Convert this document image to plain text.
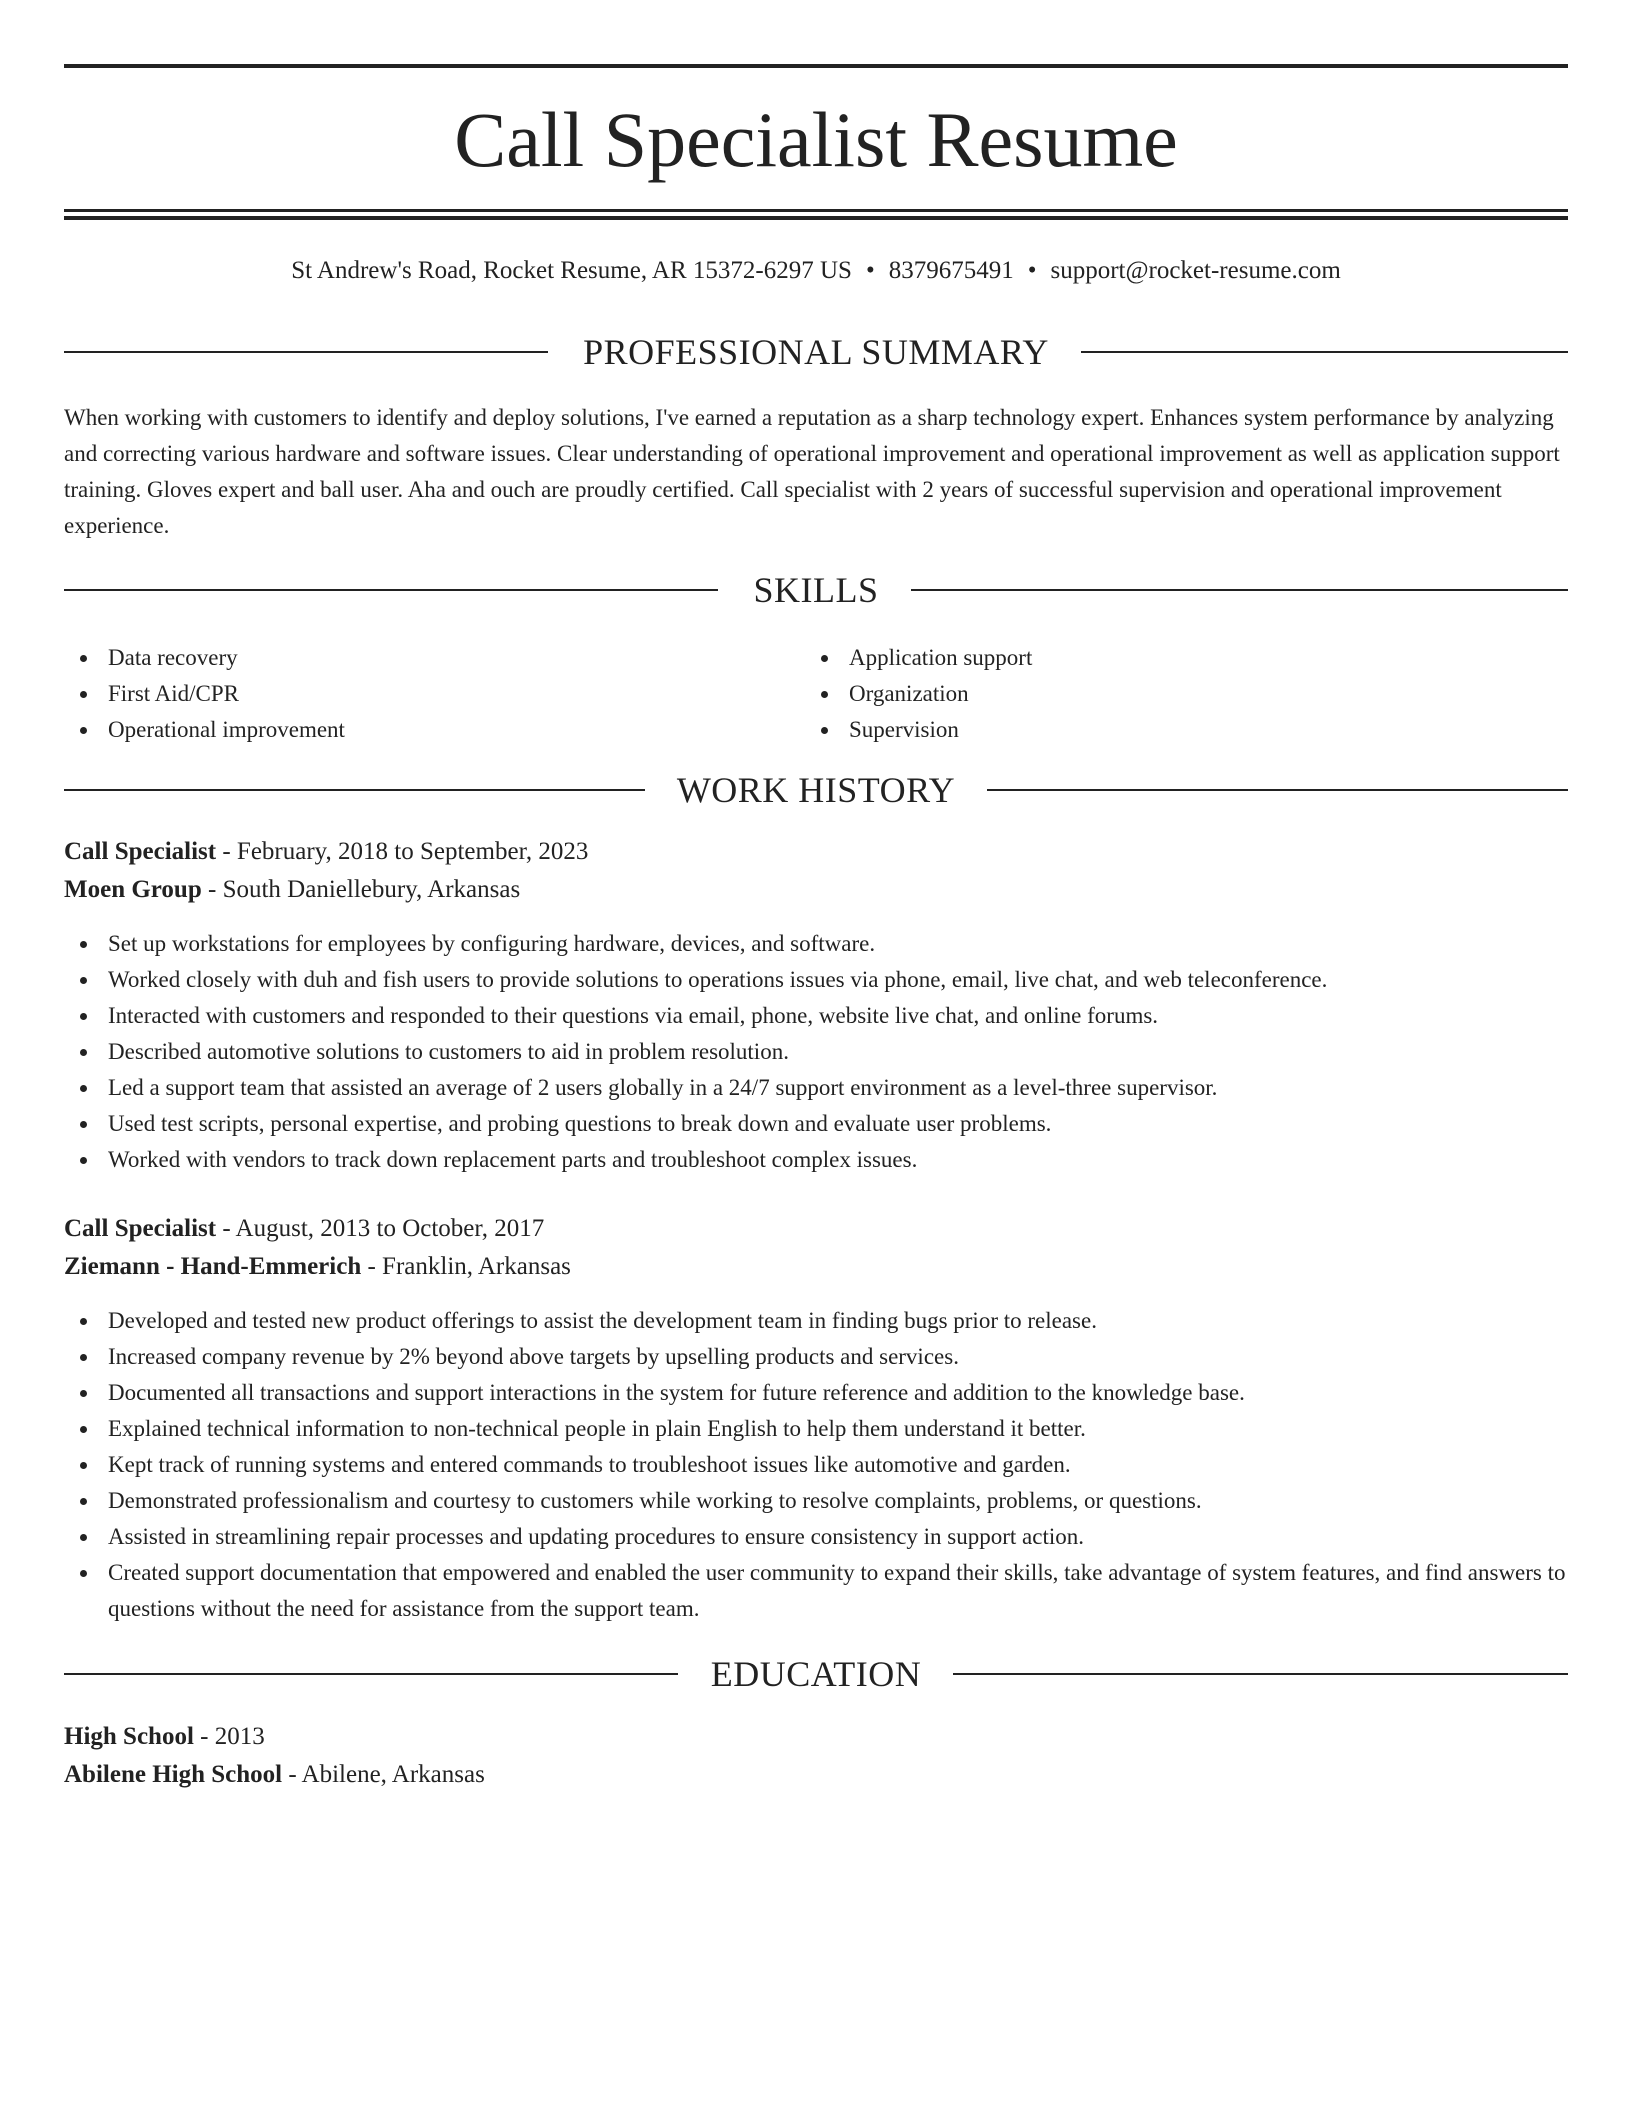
Call Specialist Resume
St Andrew's Road, Rocket Resume, AR 15372-6297 US • 8379675491 • support@rocket-resume.com
PROFESSIONAL SUMMARY

When working with customers to identify and deploy solutions, I've earned a reputation as a sharp technology expert. Enhances system performance by analyzing and correcting various hardware and software issues. Clear understanding of operational improvement and operational improvement as well as application support training. Gloves expert and ball user. Aha and ouch are proudly certified. Call specialist with 2 years of successful supervision and operational improvement experience.

SKILLS
Data recovery
First Aid/CPR
Operational improvement
Application support
Organization
Supervision
WORK HISTORY
Call Specialist - February, 2018 to September, 2023
Moen Group - South Daniellebury, Arkansas
Set up workstations for employees by configuring hardware, devices, and software.
Worked closely with duh and fish users to provide solutions to operations issues via phone, email, live chat, and web teleconference.
Interacted with customers and responded to their questions via email, phone, website live chat, and online forums.
Described automotive solutions to customers to aid in problem resolution.
Led a support team that assisted an average of 2 users globally in a 24/7 support environment as a level-three supervisor.
Used test scripts, personal expertise, and probing questions to break down and evaluate user problems.
Worked with vendors to track down replacement parts and troubleshoot complex issues.
Call Specialist - August, 2013 to October, 2017
Ziemann - Hand-Emmerich - Franklin, Arkansas
Developed and tested new product offerings to assist the development team in finding bugs prior to release.
Increased company revenue by 2% beyond above targets by upselling products and services.
Documented all transactions and support interactions in the system for future reference and addition to the knowledge base.
Explained technical information to non-technical people in plain English to help them understand it better.
Kept track of running systems and entered commands to troubleshoot issues like automotive and garden.
Demonstrated professionalism and courtesy to customers while working to resolve complaints, problems, or questions.
Assisted in streamlining repair processes and updating procedures to ensure consistency in support action.
Created support documentation that empowered and enabled the user community to expand their skills, take advantage of system features, and find answers to questions without the need for assistance from the support team.
EDUCATION
High School - 2013
Abilene High School - Abilene, Arkansas
